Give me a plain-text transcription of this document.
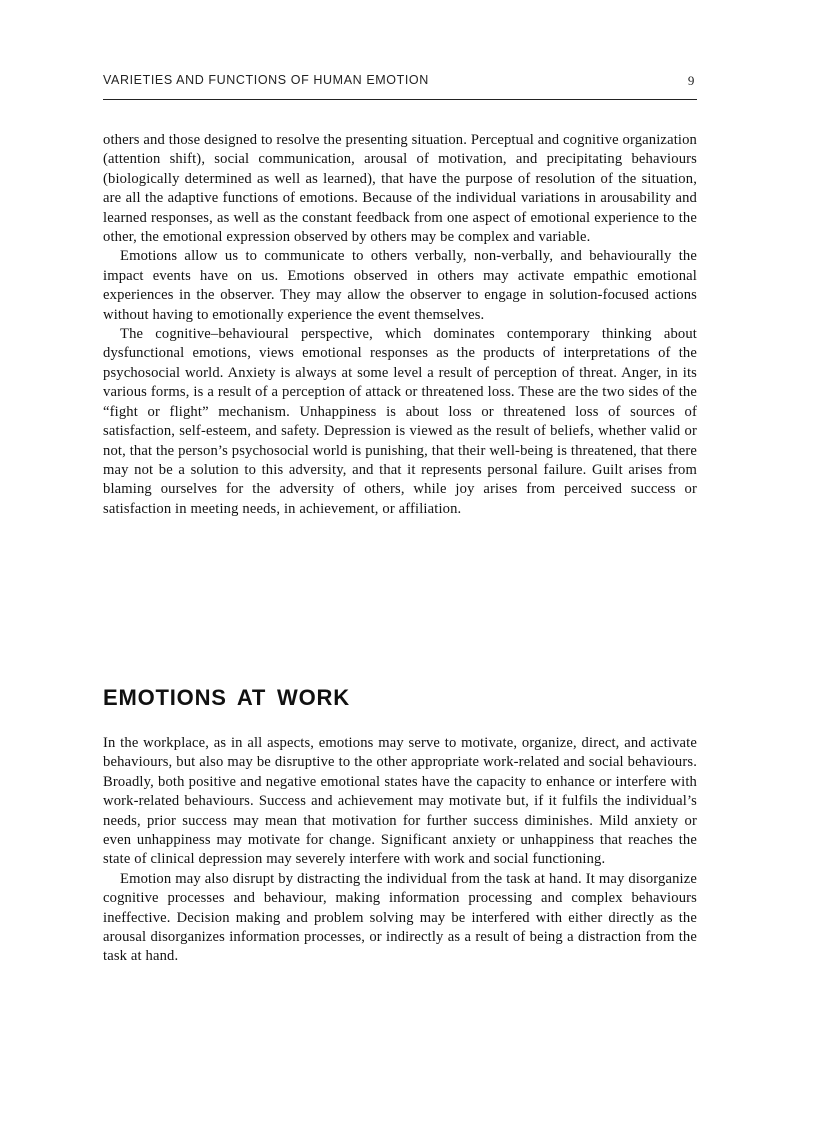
VARIETIES AND FUNCTIONS OF HUMAN EMOTION	9

others and those designed to resolve the presenting situation. Perceptual and cognitive organization (attention shift), social communication, arousal of motivation, and precipitating behaviours (biologically determined as well as learned), that have the purpose of resolution of the situation, are all the adaptive functions of emotions. Because of the individual variations in arousability and learned responses, as well as the constant feedback from one aspect of emotional experience to the other, the emotional expression observed by others may be complex and variable.

Emotions allow us to communicate to others verbally, non-verbally, and behaviourally the impact events have on us. Emotions observed in others may activate empathic emotional experiences in the observer. They may allow the observer to engage in solution-focused actions without having to emotionally experience the event themselves.

The cognitive–behavioural perspective, which dominates contemporary thinking about dysfunctional emotions, views emotional responses as the products of interpretations of the psychosocial world. Anxiety is always at some level a result of perception of threat. Anger, in its various forms, is a result of a perception of attack or threatened loss. These are the two sides of the “fight or flight” mechanism. Unhappiness is about loss or threatened loss of sources of satisfaction, self-esteem, and safety. Depression is viewed as the result of beliefs, whether valid or not, that the person’s psychosocial world is punishing, that their well-being is threatened, that there may not be a solution to this adversity, and that it represents personal failure. Guilt arises from blaming ourselves for the adversity of others, while joy arises from perceived success or satisfaction in meeting needs, in achievement, or affiliation.

EMOTIONS AT WORK

In the workplace, as in all aspects, emotions may serve to motivate, organize, direct, and activate behaviours, but also may be disruptive to the other appropriate work-related and social behaviours. Broadly, both positive and negative emotional states have the capacity to enhance or interfere with work-related behaviours. Success and achievement may motivate but, if it fulfils the individual’s needs, prior success may mean that motivation for further success diminishes. Mild anxiety or even unhappiness may motivate for change. Significant anxiety or unhappiness that reaches the state of clinical depression may severely interfere with work and social functioning.

Emotion may also disrupt by distracting the individual from the task at hand. It may disorganize cognitive processes and behaviour, making information processing and complex behaviours ineffective. Decision making and problem solving may be interfered with either directly as the arousal disorganizes information processes, or indirectly as a result of being a distraction from the task at hand.
